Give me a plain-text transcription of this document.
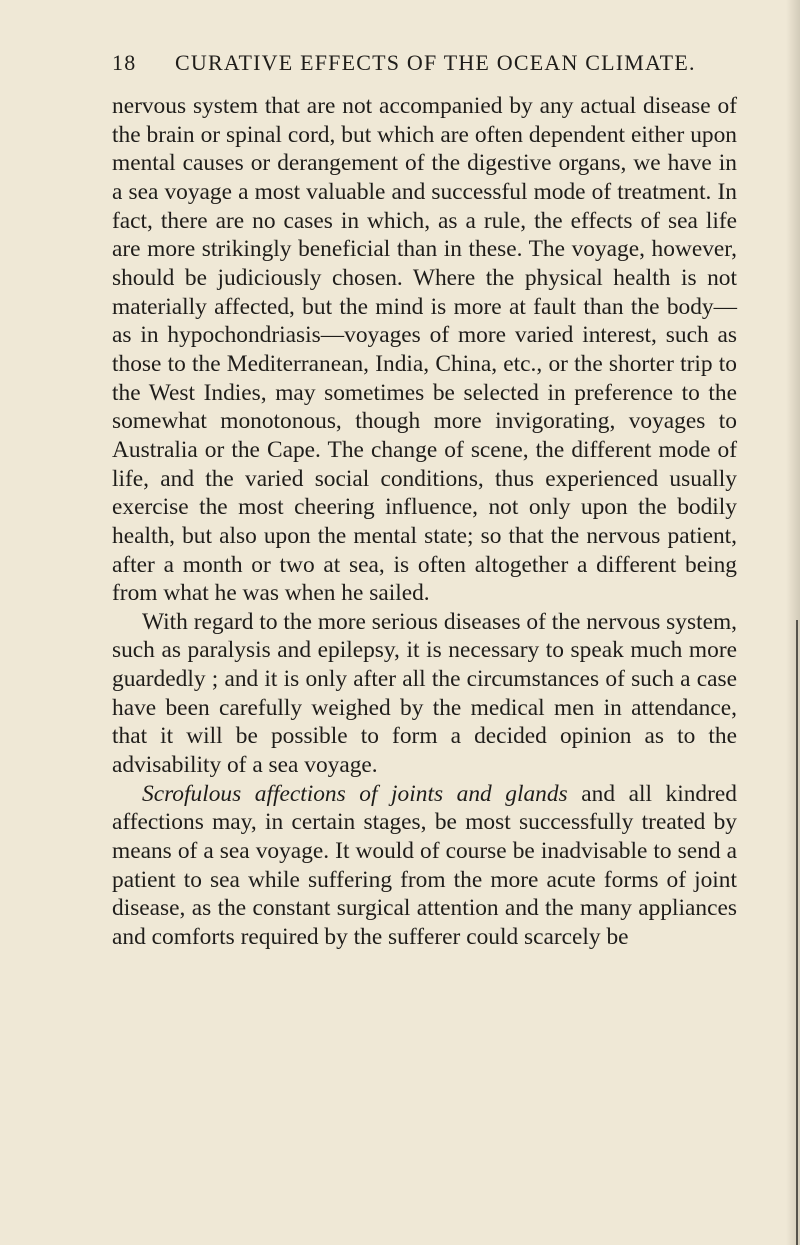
18 CURATIVE EFFECTS OF THE OCEAN CLIMATE.

nervous system that are not accompanied by any actual disease of the brain or spinal cord, but which are often dependent either upon mental causes or derangement of the digestive organs, we have in a sea voyage a most valuable and successful mode of treatment. In fact, there are no cases in which, as a rule, the effects of sea life are more strikingly beneficial than in these. The voyage, however, should be judiciously chosen. Where the physical health is not materially affected, but the mind is more at fault than the body—as in hypochondriasis—voyages of more varied interest, such as those to the Mediterranean, India, China, etc., or the shorter trip to the West Indies, may sometimes be selected in preference to the somewhat monotonous, though more invigorating, voyages to Australia or the Cape. The change of scene, the different mode of life, and the varied social conditions, thus experienced usually exercise the most cheering influence, not only upon the bodily health, but also upon the mental state; so that the nervous patient, after a month or two at sea, is often altogether a different being from what he was when he sailed.

With regard to the more serious diseases of the nervous system, such as paralysis and epilepsy, it is necessary to speak much more guardedly ; and it is only after all the circumstances of such a case have been carefully weighed by the medical men in attendance, that it will be possible to form a decided opinion as to the advisability of a sea voyage.

Scrofulous affections of joints and glands and all kindred affections may, in certain stages, be most successfully treated by means of a sea voyage. It would of course be inadvisable to send a patient to sea while suffering from the more acute forms of joint disease, as the constant surgical attention and the many appliances and comforts required by the sufferer could scarcely be
